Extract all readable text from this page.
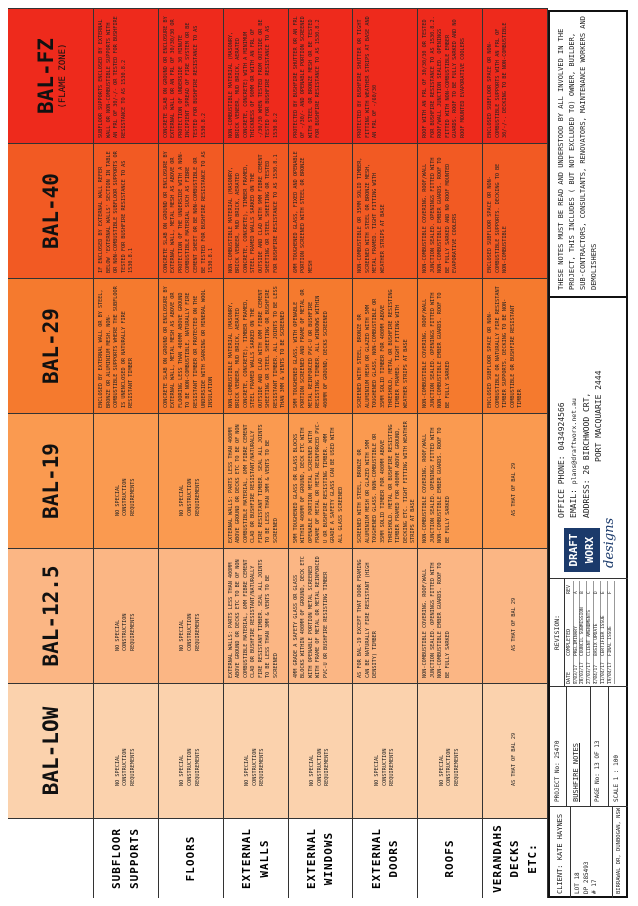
BAL-LOW
BAL-12.5
BAL-19
BAL-29
BAL-40
BAL-FZ (FLAME ZONE)
SUBFLOOR SUPPORTS
NO SPECIAL CONSTRUCTION REQUIREMENTS
NO SPECIAL CONSTRUCTION REQUIREMENTS
NO SPECIAL CONSTRUCTION REQUIREMENTS
ENCLOSED BY EXTERNAL WALL OR BY STEEL, BRONZE OR ALUMINIUM MESH. NON-COMBUSTIBLE SUPPORTS WHERE THE SUBFLOOR IS UNENCLOSED OR NATURALLY FIRE RESISTANT TIMBER
IF ENCLOSED BY EXTERNAL WALL REFER BELOW 'EXTERNAL WALLS' SECTION IN TABLE OR NON-COMBUSTIBLE SUBFLOOR SUPPORTS OR TESTED FOR BUSHFIRE RESISTANCE TO AS 1530.8.1
SUBFLOOR SUPPORTS ENCLOSED BY EXTERNAL WALL OR NON-COMBUSTIBLE SUPPORTS WITH AN FRL OF 30/-/- OR TESTED FOR BUSHFIRE RESISTANCE TO AS 1530.8.2
FLOORS
NO SPECIAL CONSTRUCTION REQUIREMENTS
NO SPECIAL CONSTRUCTION REQUIREMENTS
NO SPECIAL CONSTRUCTION REQUIREMENTS
CONCRETE SLAB ON GROUND OR ENCLOSURE BY EXTERNAL WALL, METAL MESH AS ABOVE OR FLOORING LESS THAN 400MM ABOVE GROUND TO BE NON-COMBUSTIBLE, NATURALLY FIRE RESISTANT TIMBER OR PROTECTED ON THE UNDERSIDE WITH SARKING OR MINERAL WOOL INSULATION
CONCRETE SLAB ON GROUND OR ENCLOSURE BY EXTERNAL WALL, METAL MESH AS ABOVE OR PROTECTION OF THE UNDERSIDE WITH A NON-COMBUSTIBLE MATERIAL SUCH AS FIBRE CEMENT SHEET OR BE NON-COMBUSTIBLE OR BE TESTED FOR BUSHFIRE RESISTANCE TO AS 1530.8.1
CONCRETE SLAB ON GROUND OR ENCLOSURE BY EXTERNAL WALL OR AN FRL OF 30/30/30 OR PROTECTION OF UNDERSIDE 30 MINUTE INCIPIENT SPREAD OF FIRE SYSTEM OR BE TESTED FOR BUSHFIRE RESISTANCE TO AS 1530.8.2
EXTERNAL WALLS
NO SPECIAL CONSTRUCTION REQUIREMENTS
EXTERNAL WALLS: PARTS LESS THAN 400MM ABOVE GROUND OR DECKS ETC TO BE OF NON COMBUSTIBLE MATERIAL, 6MM FIBRE CEMENT CLAD OR BUSHFIRE RESISTANT/NATURALLY FIRE RESISTANT TIMBER. SEAL ALL JOINTS TO BE LESS THAN 3MM & VENTS TO BE SCREENED
EXTERNAL WALLS: PARTS LESS THAN 400MM ABOVE GROUND OR DECKS ETC TO BE OF NON COMBUSTIBLE MATERIAL, 6MM FIBRE CEMENT CLAD OR BUSHFIRE RESISTANT/NATURALLY FIRE RESISTANT TIMBER. SEAL ALL JOINTS TO BE LESS THAN 3MM & VENTS TO BE SCREENED
NON-COMBUSTIBLE MATERIAL (MASONRY, BRICK VENEER, MUD BRICK, AERATED CONCRETE, CONCRETE), TIMBER FRAMED, STEEL FRAMED WALLS SARKED ON THE OUTSIDE AND CLAD WITH 6MM FIBRE CEMENT SHEETING OR STEEL SHEETING OR BUSHFIRE RESISTANT TIMBER. ALL JOINTS TO BE LESS THAN 3MM & VENTS TO BE SCREENED
NON-COMBUSTIBLE MATERIAL (MASONRY, BRICK VENEER, MUD BRICK, AERATED CONCRETE, CONCRETE), TIMBER FRAMED, STEEL FRAMED WALLS SARKED ON THE OUTSIDE AND CLAD WITH 9MM FIBRE CEMENT SHEETING OR STEEL SHEETING OR TESTED FOR BUSHFIRE RESISTANCE TO AS 1530.8.1
NON-COMBUSTIBLE MATERIAL (MASONRY, BRICK VENEER, MUD BRICK, AERATED CONCRETE, CONCRETE) WITH A MINIMUM THICKNESS OF 90MM OR WITH AN FRL OF -/30/30 WHEN TESTED FROM OUTSIDE OR BE TESTED FOR BUSHFIRE RESISTANCE TO AS 1530.8.2
EXTERNAL WINDOWS
NO SPECIAL CONSTRUCTION REQUIREMENTS
4MM GRADE A SAFETY GLASS OR GLASS BLOCKS WITHIN 400MM OF GROUND, DECK ETC WITH OPENABLE PORTION METAL SCREENED WITH FRAME OF METAL OR METAL REINFORCED PVC-U OR BUSHFIRE RESISTING TIMBER
5MM TOUGHENED GLASS OR GLASS BLOCKS WITHIN 400MM OF GROUND, DECK ETC WITH OPENABLE PORTION METAL SCREENED WITH FRAME OF METAL OR METAL REINFORCED PVC-U OR BUSHFIRE RESISTING TIMBER. 4MM GRADE A SAFETY GLASS CAN BE USED WITH ALL GLASS SCREENED
5MM TOUGHENED GLASS, WITH OPENABLE PORTION SCREENED AND FRAME OF METAL OR METAL REINFORCED PVC-U OR BUSHFIRE RESISTING TIMBER. ALL WINDOWS WITHIN 400MM OF GROUND, DECKS SCREENED
6MM TOUGHENED GLASS, FIXED AND OPENABLE PORTION SCREENED WITH STEEL OR BRONZE MESH
PROTECTED BY BUSHFIRE SHUTTER OR AN FRL OF -/30/- AND OPENABLE PORTION SCREENED WITH STEEL OR BRONZE MESH OR BE TESTED FOR BUSHFIRE RESISTANCE TO AS 1530.8.2
EXTERNAL DOORS
NO SPECIAL CONSTRUCTION REQUIREMENTS
AS FOR BAL-19 EXCEPT THAT DOOR FRAMING CAN BE NATURALLY FIRE RESISTANT (HIGH DENSITY) TIMBER
SCREENED WITH STEEL, BRONZE OR ALUMINIUM MESH OR GLAZED WITH 5MM TOUGHENED GLASS. NON-COMBUSTIBLE OR 35MM SOLID TIMBER FOR 400MM ABOVE THRESHOLD. METAL OR BUSHFIRE RESISTING TIMBER FRAMED FOR 400MM ABOVE GROUND, DECKING ETC. TIGHT FITTING WITH WEATHER STRIPS AT BASE
SCREENED WITH STEEL, BRONZE OR ALUMINIUM MESH OR GLAZED WITH 5MM TOUGHENED GLASS, NON-COMBUSTIBLE OR 35MM SOLID TIMBER FOR 400MM ABOVE THRESHOLD, METAL OR BUSHFIRE RESISTING TIMBER FRAMED. TIGHT FITTING WITH WEATHER STRIPS AT BASE
NON-COMBUSTIBLE OR 35MM SOLID TIMBER, SCREENED WITH STEEL OR BRONZE MESH, METAL FRAMED. TIGHT FITTING WITH WEATHER STRIPS AT BASE
PROTECTED BY BUSHFIRE SHUTTER OR TIGHT FITTING WITH WEATHER STRIPS AT BASE AND AN FRL OF -/60/30
ROOFS
NO SPECIAL CONSTRUCTION REQUIREMENTS
NON-COMBUSTIBLE COVERING. ROOF/WALL JUNCTION SEALED. OPENINGS FITTED WITH NON-COMBUSTIBLE EMBER GUARDS. ROOF TO BE FULLY SARKED
NON-COMBUSTIBLE COVERING. ROOF/WALL JUNCTION SEALED. OPENINGS FITTED WITH NON-COMBUSTIBLE EMBER GUARDS. ROOF TO BE FULLY SARKED
NON-COMBUSTIBLE COVERING. ROOF/WALL JUNCTION SEALED. OPENINGS FITTED WITH NON-COMBUSTIBLE EMBER GUARDS. ROOF TO BE FULLY SARKED
NON-COMBUSTIBLE COVERING. ROOF/WALL JUNCTION SEALED. OPENINGS FITTED WITH NON-COMBUSTIBLE EMBER GUARDS. ROOF TO BE FULLY SARKED AND NO ROOF MOUNTED EVAPORATIVE COOLERS
ROOF WITH AN FRL OF 30/30/30 OR TESTED FOR BUSHFIRE RESISTANCE TO AS 1530.8.2. ROOF/WALL JUNCTION SEALED. OPENINGS FITTED WITH NON-COMBUSTIBLE EMBER GUARDS. ROOF TO BE FULLY SARKED AND NO ROOF MOUNTED EVAPORATIVE COOLERS
VERANDAHS DECKS ETC:
AS THAT OF BAL 29
AS THAT OF BAL 29
AS THAT OF BAL 29
ENCLOSED SUBFLOOR SPACE OR NON-COMBUSTIBLE OR NATURALLY FIRE RESISTANT TIMBER SUPPORTS. DECKING TO BE NON-COMBUSTIBLE OR BUSHFIRE RESISTANT TIMBER
ENCLOSED SUBFLOOR SPACE OR NON-COMBUSTIBLE SUPPORTS. DECKING TO BE NON-COMBUSTIBLE
ENCLOSED SUBFLOOR SPACE OR NON-COMBUSTIBLE SUPPORTS WITH AN FRL OF 30/-/-. DECKING TO BE NON-COMBUSTIBLE
CLIENT: KATE HAYNES
LOT 18 DP 285493 # 17	BIRRAWAL DR, DUNBOGAN, NSW
PROJECT No: 25470 BUSHFIRE NOTES PAGE No: 13 OF 13
SCALE 1 : 100
REVISION:
DATE
COMPLETED
REV
8/03/17
PRELIMINARY
A
20/03/17
COUNCIL SUBMISSION
B
27/03/17
CLIENT AMENDMENTS
C
4/04/17
BASIX UPDATE
D
11/04/17
CERTIFIER ISSUE
E
19/04/17
FINAL ISSUE
F
DRAFT WORX designs
OFFICE PHONE: 0434924566
EMAIL: plans@draftworx.net.au
ADDRESS: 26 BIRCHWOOD CRT, PORT MACQUARIE 2444
THESE NOTES MUST BE READ AND UNDERSTOOD BY ALL INVOLVED IN THE PROJECT, THIS INCLUDES ( BUT NOT EXCLUDED TO) OWNER, BUILDER, SUB-CONTRACTORS, CONSULTANTS, RENOVATORS, MAINTENANCE WORKERS AND DEMOLISHERS
